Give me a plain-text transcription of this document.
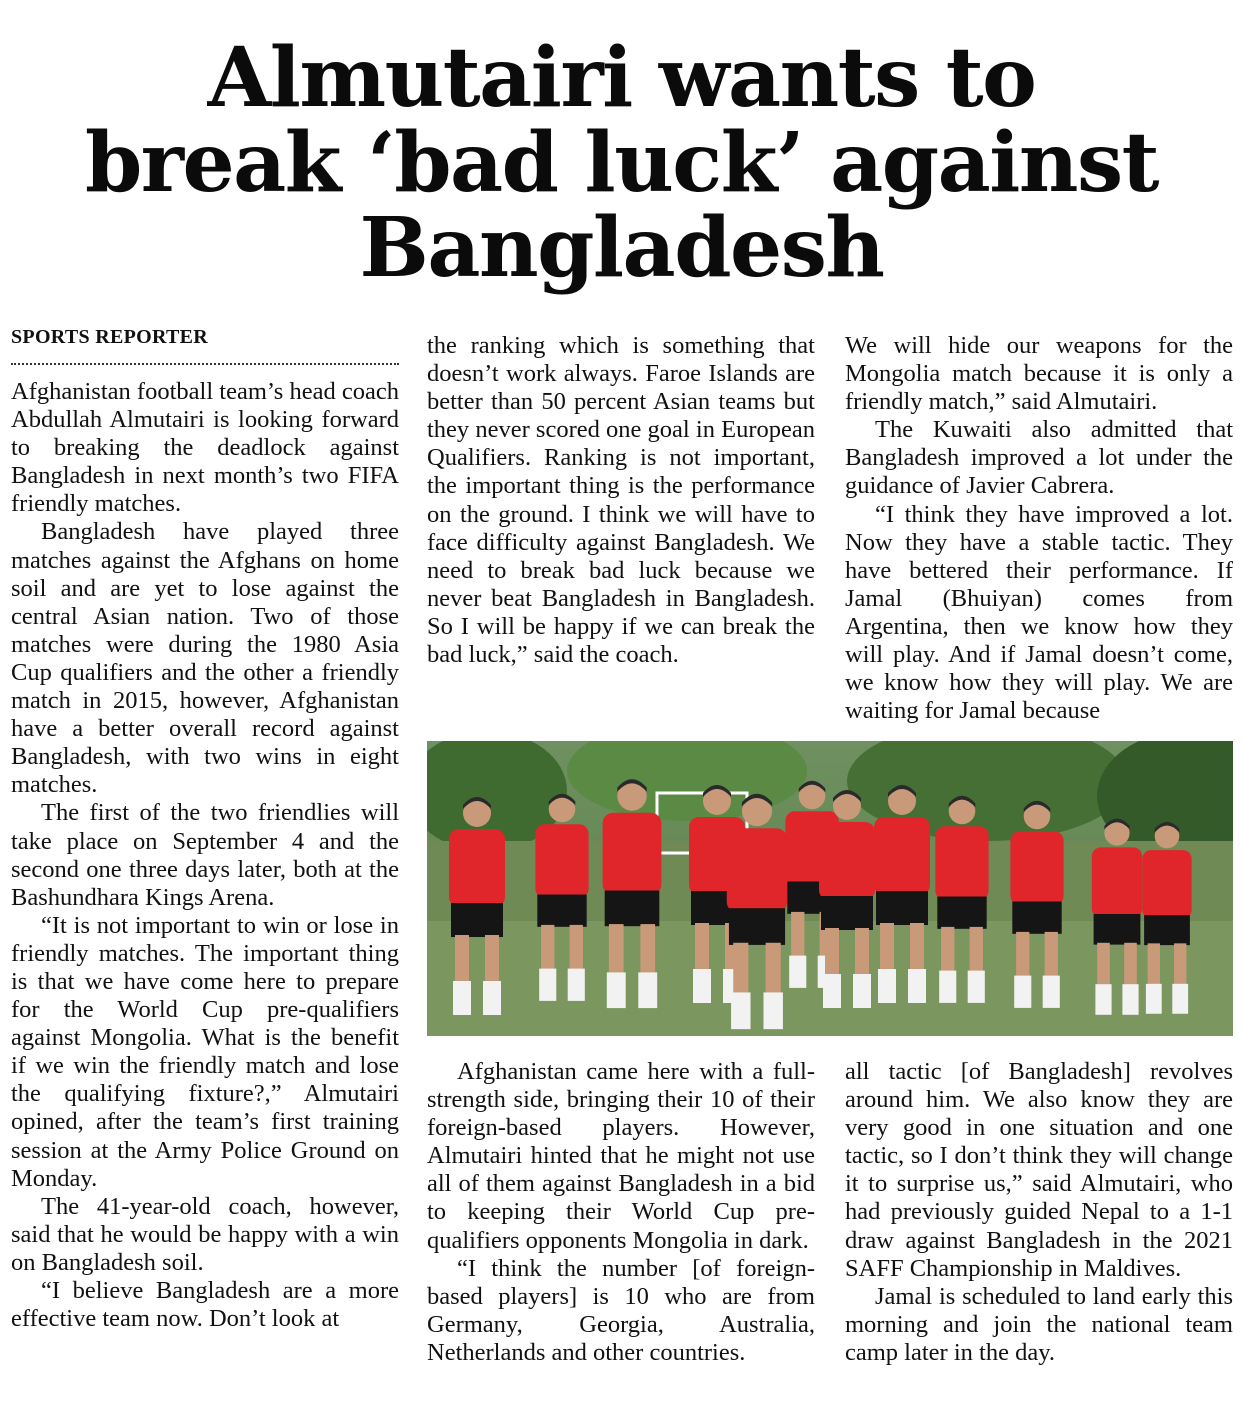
Almutairi wants to
break ‘bad luck’ against
Bangladesh
SPORTS REPORTER

Afghanistan football team’s head coach Abdullah Almutairi is looking forward to breaking the deadlock against Bangladesh in next month’s two FIFA friendly matches.

Bangladesh have played three matches against the Afghans on home soil and are yet to lose against the central Asian nation. Two of those matches were during the 1980 Asia Cup qualifiers and the other a friendly match in 2015, however, Afghanistan have a better overall record against Bangladesh, with two wins in eight matches.

The first of the two friendlies will take place on September 4 and the second one three days later, both at the Bashundhara Kings Arena.

“It is not important to win or lose in friendly matches. The important thing is that we have come here to prepare for the World Cup pre-qualifiers against Mongolia. What is the benefit if we win the friendly match and lose the qualifying fixture?,” Almutairi opined, after the team’s first training session at the Army Police Ground on Monday.

The 41-year-old coach, however, said that he would be happy with a win on Bangladesh soil.

“I believe Bangladesh are a more effective team now. Don’t look at

the ranking which is something that doesn’t work always. Faroe Islands are better than 50 percent Asian teams but they never scored one goal in European Qualifiers. Ranking is not important, the important thing is the performance on the ground. I think we will have to face difficulty against Bangladesh. We need to break bad luck because we never beat Bangladesh in Bangladesh. So I will be happy if we can break the bad luck,” said the coach.

We will hide our weapons for the Mongolia match because it is only a friendly match,” said Almutairi.

The Kuwaiti also admitted that Bangladesh improved a lot under the guidance of Javier Cabrera.

“I think they have improved a lot. Now they have a stable tactic. They have bettered their performance. If Jamal (Bhuiyan) comes from Argentina, then we know how they will play. And if Jamal doesn’t come, we know how they will play. We are waiting for Jamal because

Afghanistan came here with a full-strength side, bringing their 10 of their foreign-based players. However, Almutairi hinted that he might not use all of them against Bangladesh in a bid to keeping their World Cup pre-qualifiers opponents Mongolia in dark.

“I think the number [of foreign-based players] is 10 who are from Germany, Georgia, Australia, Netherlands and other countries.

all tactic [of Bangladesh] revolves around him. We also know they are very good in one situation and one tactic, so I don’t think they will change it to surprise us,” said Almutairi, who had previously guided Nepal to a 1-1 draw against Bangladesh in the 2021 SAFF Championship in Maldives.

Jamal is scheduled to land early this morning and join the national team camp later in the day.
